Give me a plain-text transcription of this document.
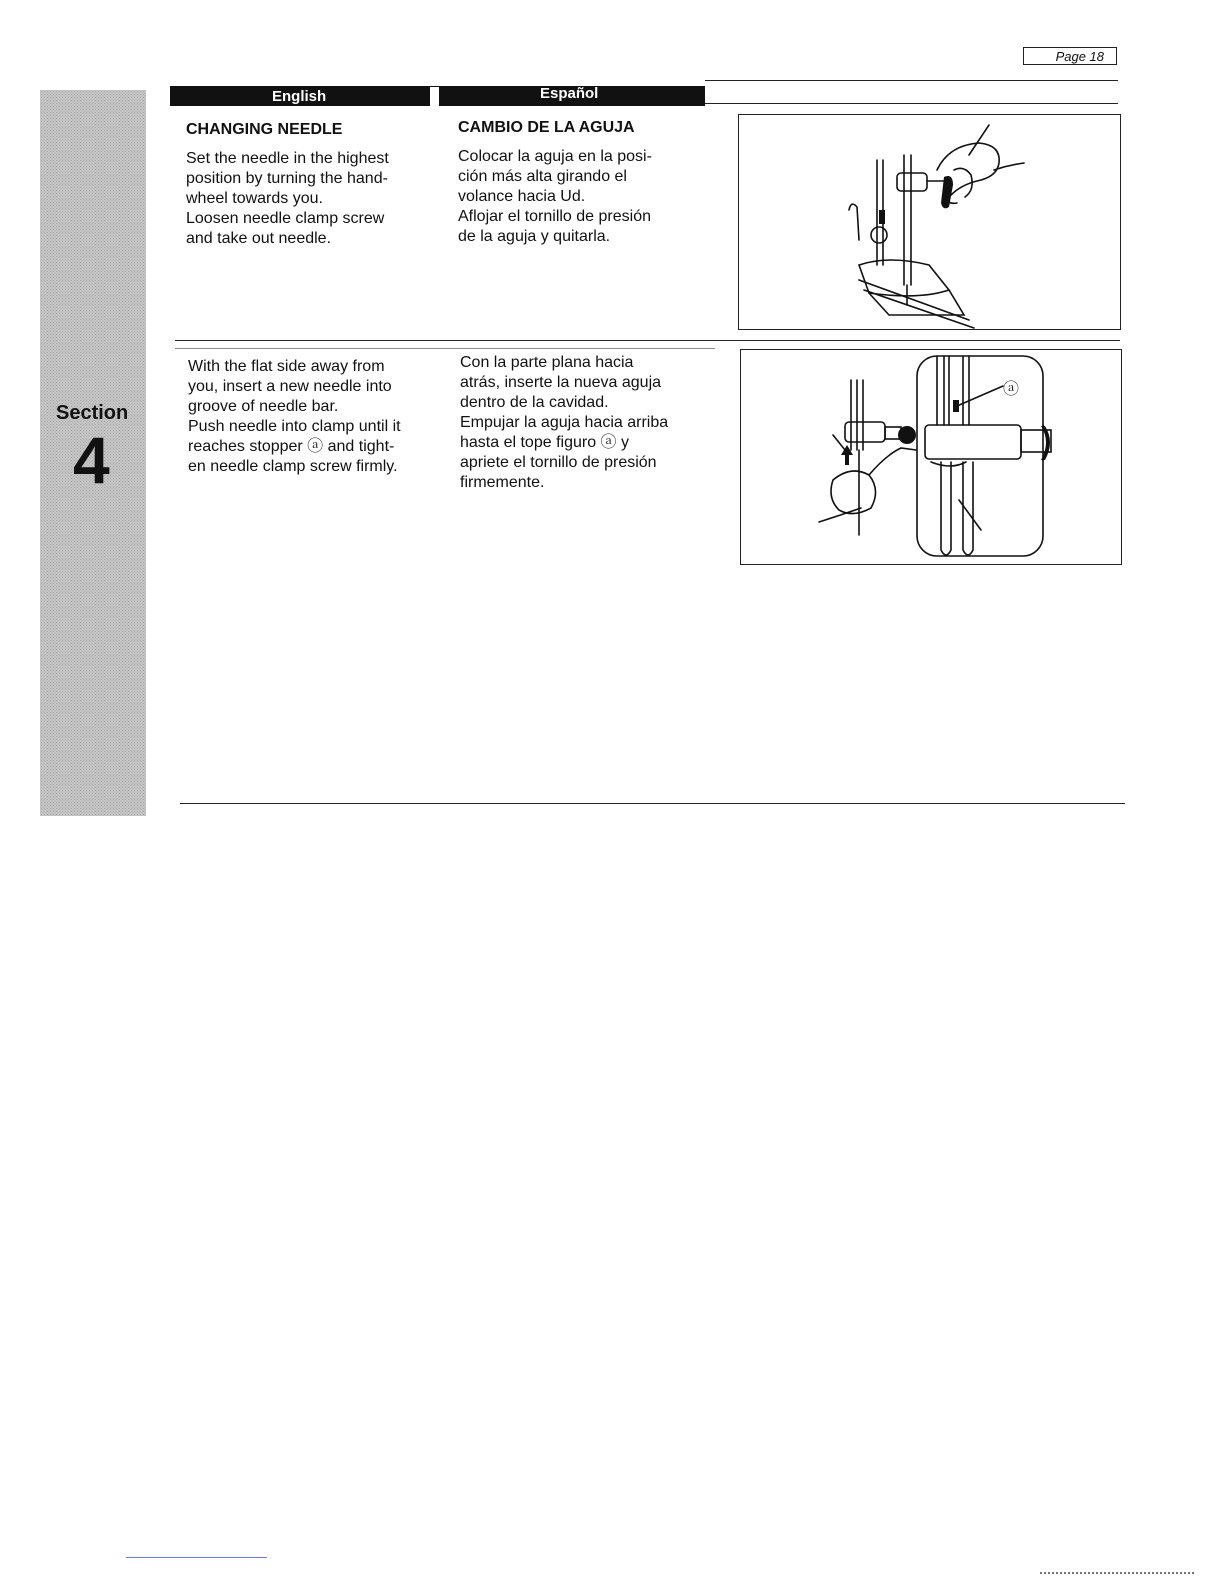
Page 18
Section
4
English	Español
CHANGING NEEDLE	CAMBIO DE LA AGUJA
Set the needle in the highest
position by turning the hand-
wheel towards you.
Loosen needle clamp screw
and take out needle.
Colocar la aguja en la posi-
ción más alta girando el
volance hacia Ud.
Aflojar el tornillo de presión
de la aguja y quitarla.
With the flat side away from
you, insert a new needle into
groove of needle bar.
Push needle into clamp until it
reaches stopper ⓐ and tight-
en needle clamp screw firmly.
Con la parte plana hacia
atrás, inserte la nueva aguja
dentro de la cavidad.
Empujar la aguja hacia arriba
hasta el tope figuro ⓐ y
apriete el tornillo de presión
firmemente.
ⓐ
